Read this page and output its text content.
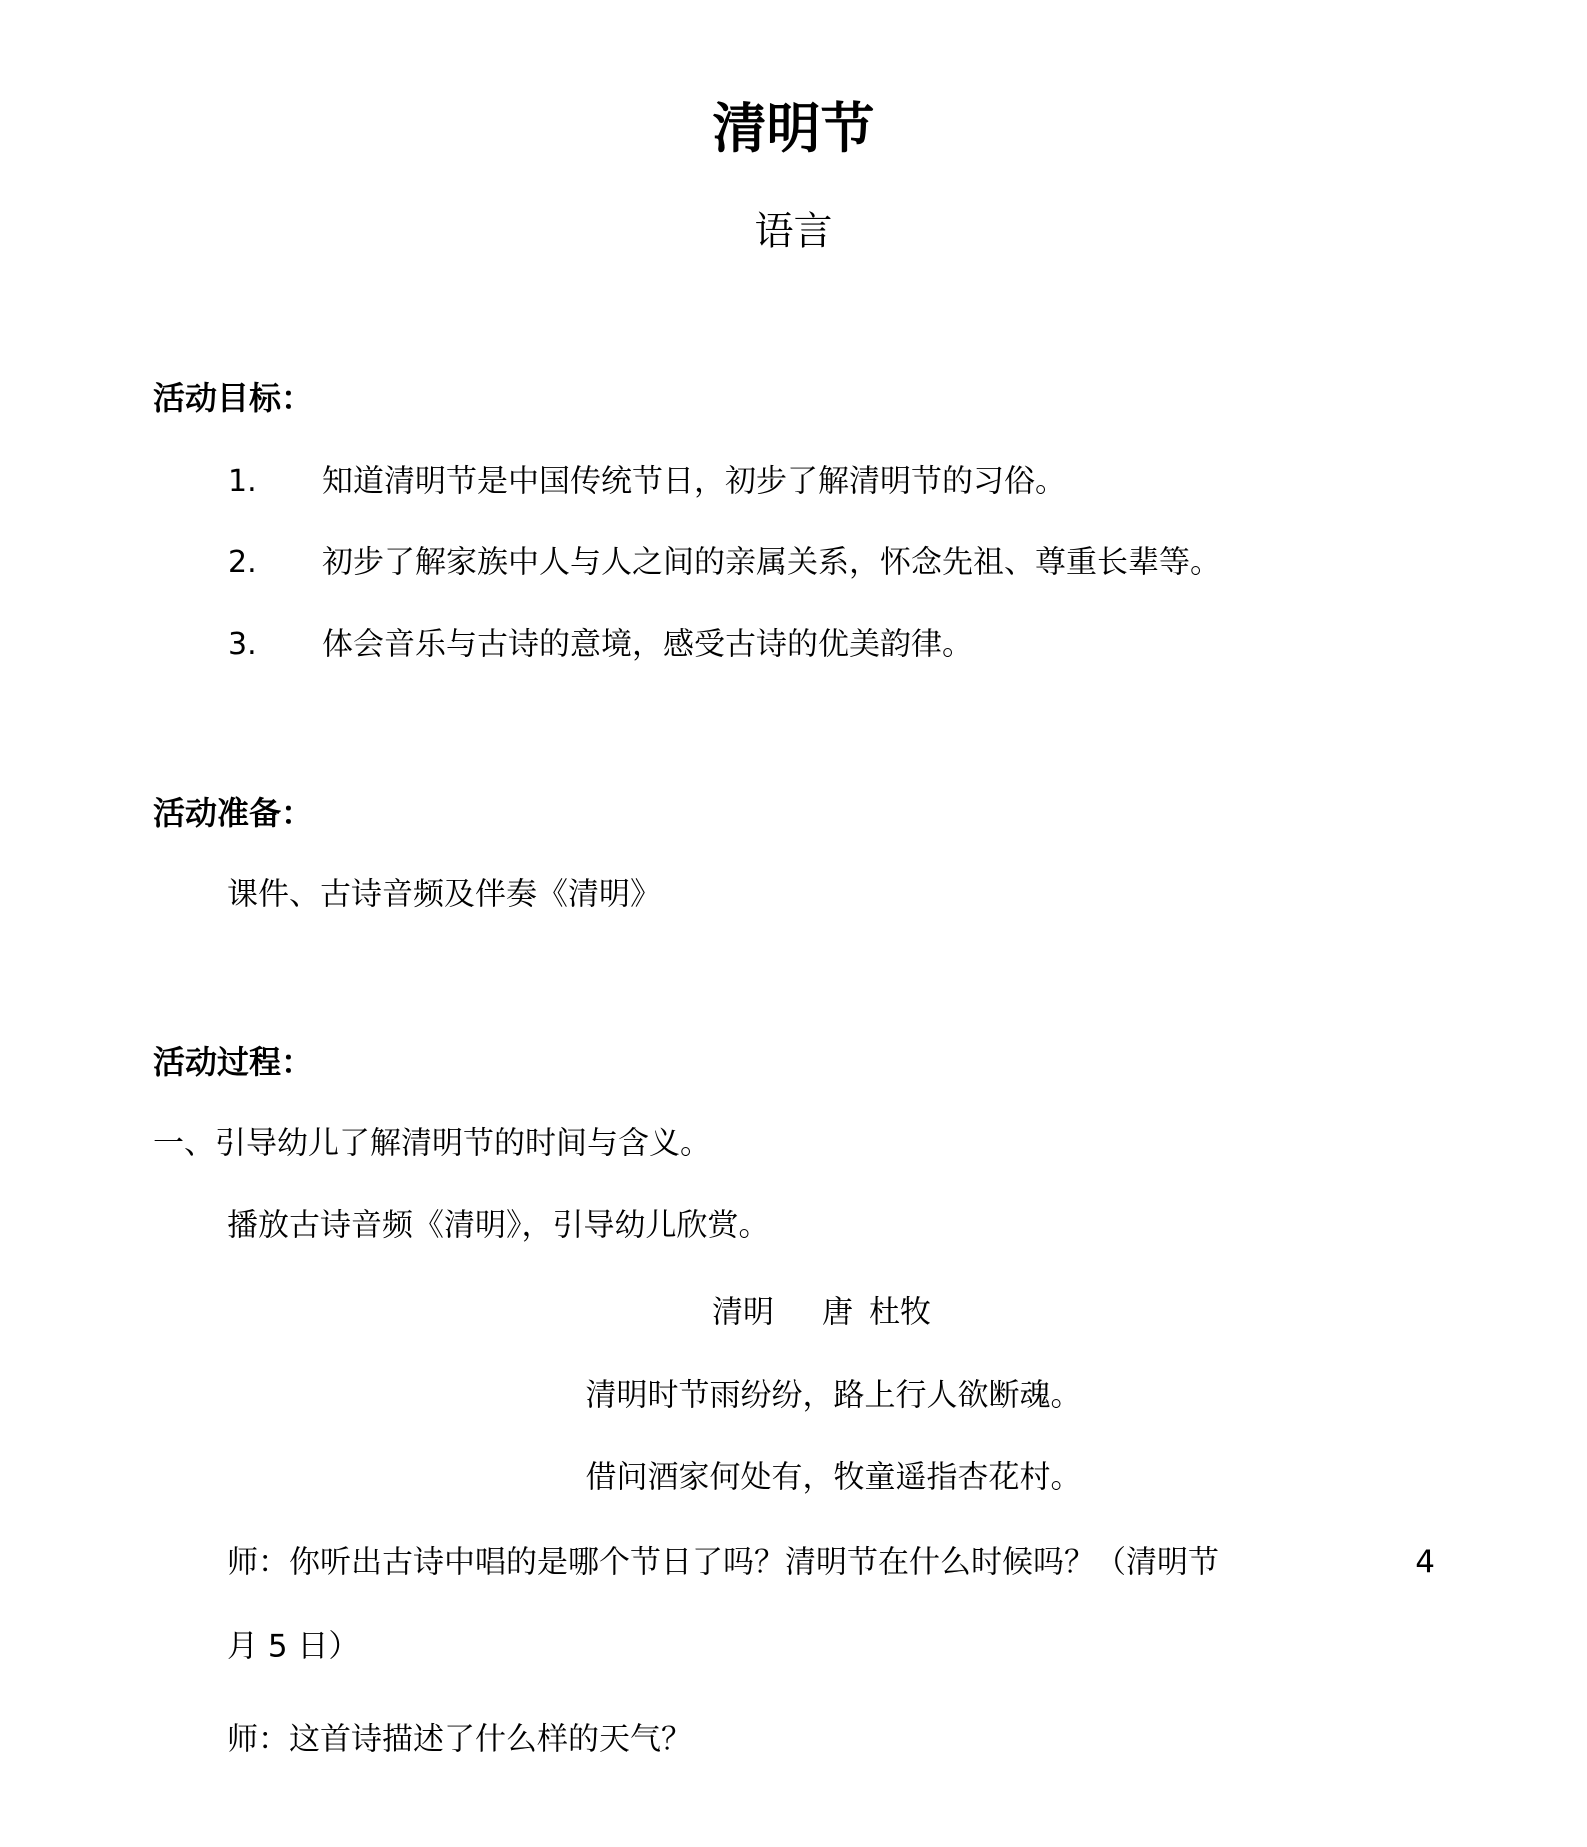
清明节
语言
活动目标：
1. 知道清明节是中国传统节日，初步了解清明节的习俗。
2. 初步了解家族中人与人之间的亲属关系，怀念先祖、尊重长辈等。
3. 体会音乐与古诗的意境，感受古诗的优美韵律。
活动准备：
课件、古诗音频及伴奏《清明》
活动过程：
一、引导幼儿了解清明节的时间与含义。
播放古诗音频《清明》，引导幼儿欣赏。
清明 唐 杜牧
清明时节雨纷纷，路上行人欲断魂。
借问酒家何处有，牧童遥指杏花村。
师：你听出古诗中唱的是哪个节日了吗？清明节在什么时候吗？（清明节	4
月 5 日）
师：这首诗描述了什么样的天气？
